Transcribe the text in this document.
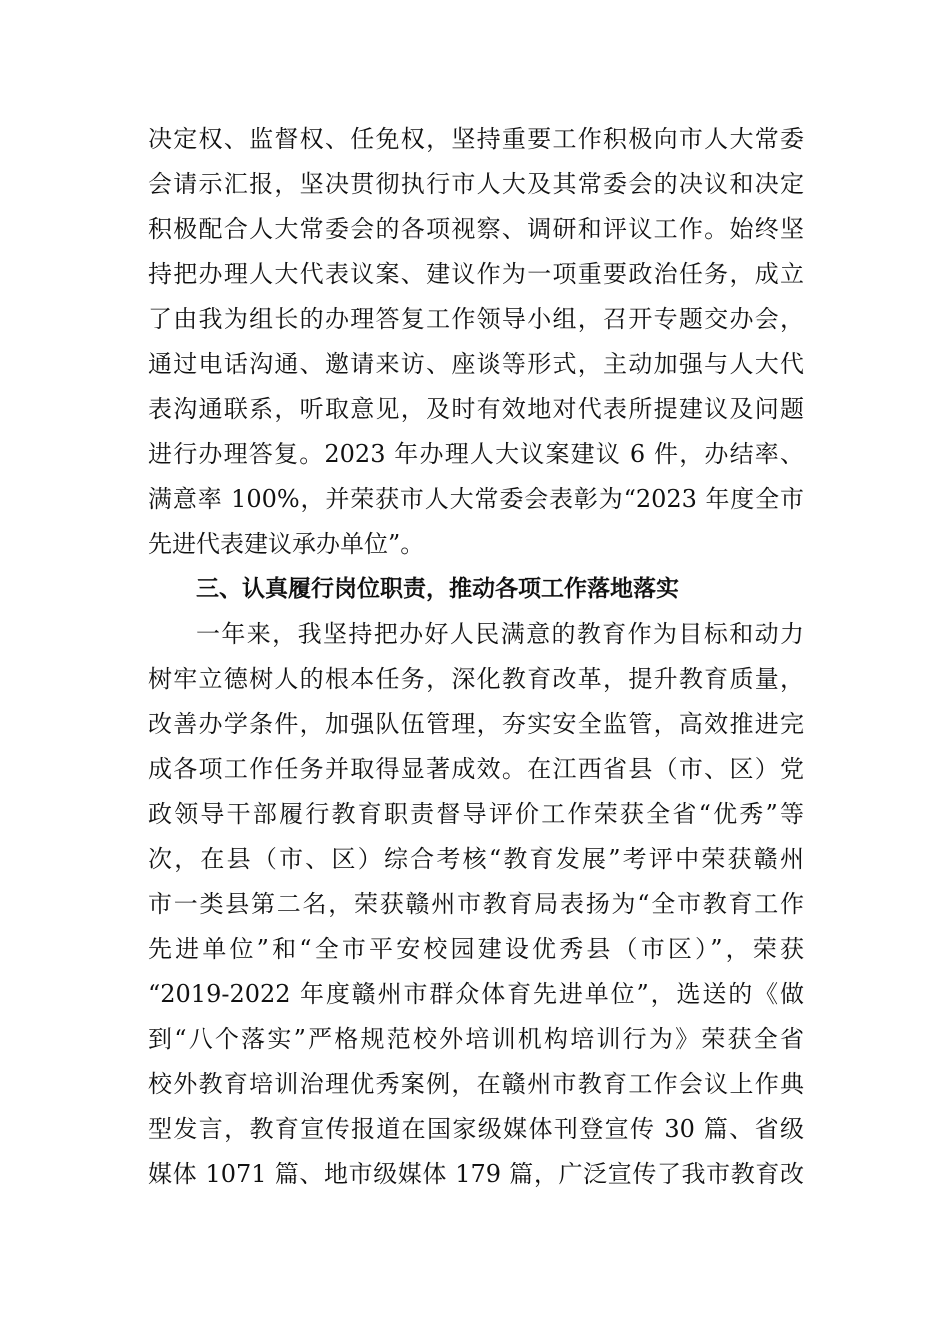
决定权、监督权、任免权，坚持重要工作积极向市人大常委
会请示汇报，坚决贯彻执行市人大及其常委会的决议和决定
积极配合人大常委会的各项视察、调研和评议工作。始终坚
持把办理人大代表议案、建议作为一项重要政治任务，成立
了由我为组长的办理答复工作领导小组，召开专题交办会，
通过电话沟通、邀请来访、座谈等形式，主动加强与人大代
表沟通联系，听取意见，及时有效地对代表所提建议及问题
进行办理答复。2023 年办理人大议案建议 6 件，办结率、
满意率 100%，并荣获市人大常委会表彰为“2023 年度全市
先进代表建议承办单位”。
三、认真履行岗位职责，推动各项工作落地落实
一年来，我坚持把办好人民满意的教育作为目标和动力
树牢立德树人的根本任务，深化教育改革，提升教育质量，
改善办学条件，加强队伍管理，夯实安全监管，高效推进完
成各项工作任务并取得显著成效。在江西省县（市、区）党
政领导干部履行教育职责督导评价工作荣获全省“优秀”等
次，在县（市、区）综合考核“教育发展”考评中荣获赣州
市一类县第二名，荣获赣州市教育局表扬为“全市教育工作
先进单位”和“全市平安校园建设优秀县（市区）”，荣获
“2019-2022 年度赣州市群众体育先进单位”，选送的《做
到“八个落实”严格规范校外培训机构培训行为》荣获全省
校外教育培训治理优秀案例，在赣州市教育工作会议上作典
型发言，教育宣传报道在国家级媒体刊登宣传 30 篇、省级
媒体 1071 篇、地市级媒体 179 篇，广泛宣传了我市教育改
